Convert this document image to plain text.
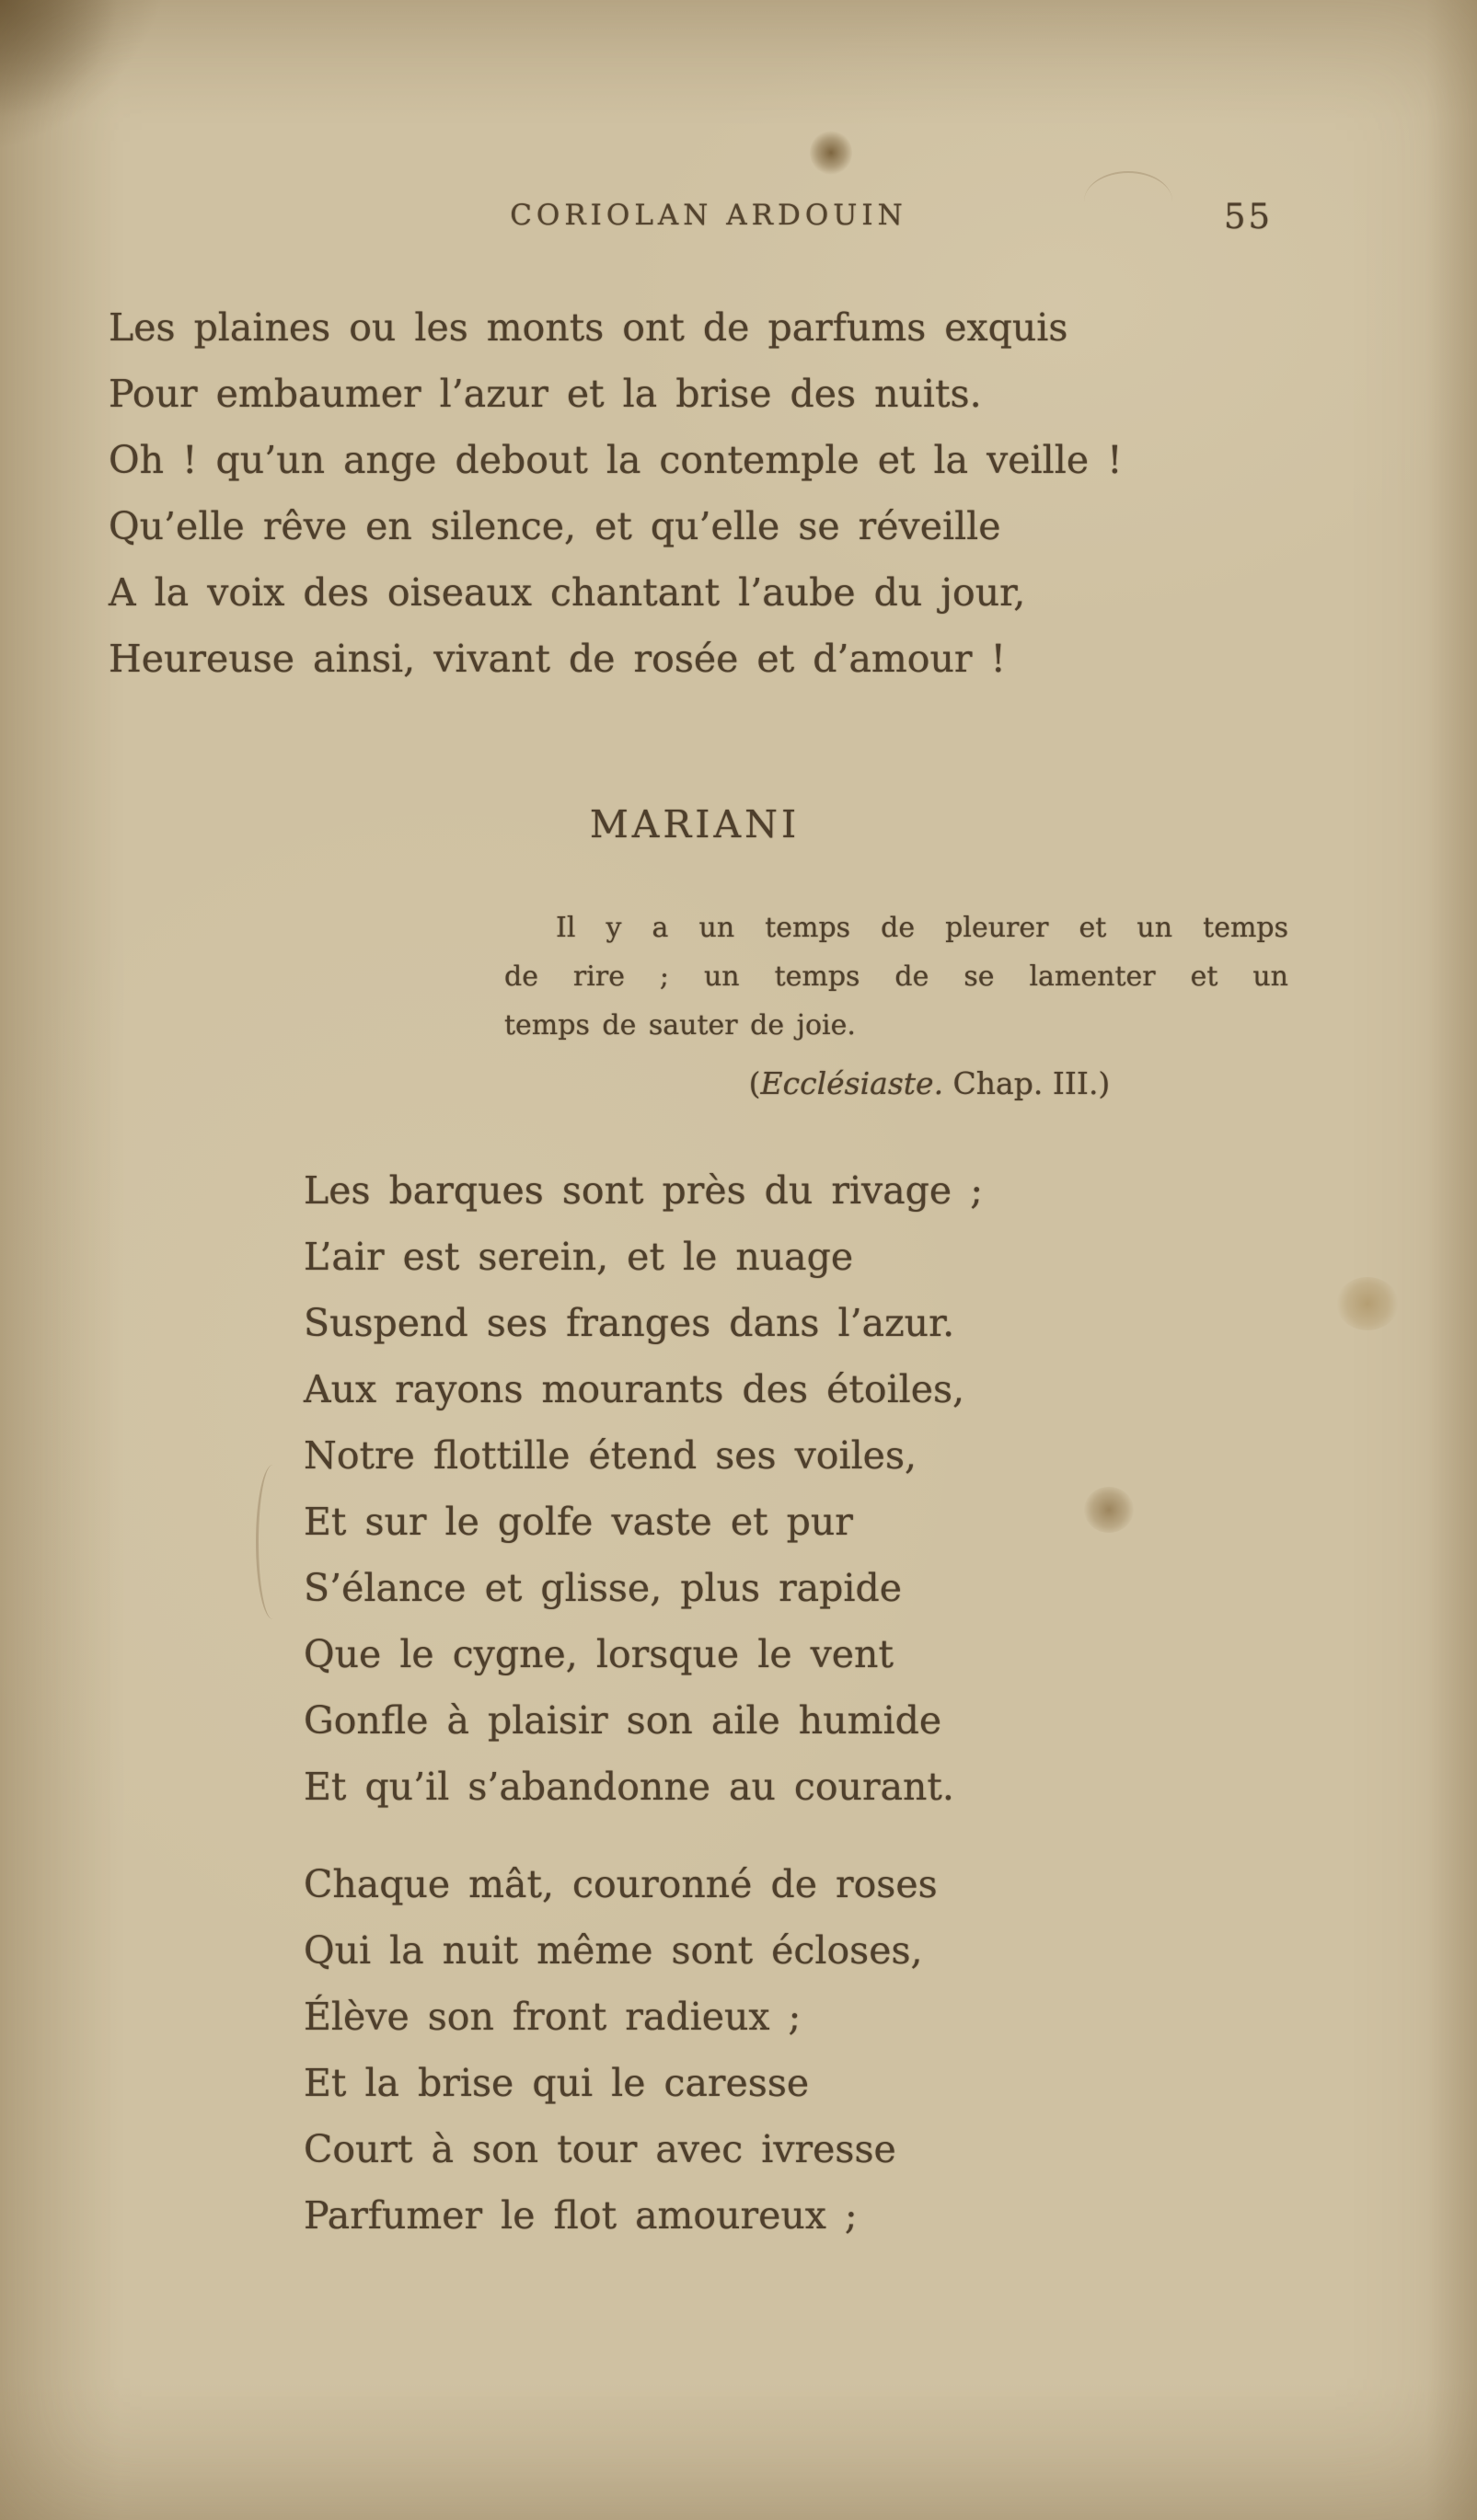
CORIOLAN ARDOUIN	55
Les plaines ou les monts ont de parfums exquis
Pour embaumer l’azur et la brise des nuits.
Oh ! qu’un ange debout la contemple et la veille !
Qu’elle rêve en silence, et qu’elle se réveille
A la voix des oiseaux chantant l’aube du jour,
Heureuse ainsi, vivant de rosée et d’amour !
MARIANI
Il y a un temps de pleurer et un temps
de rire ; un temps de se lamenter et un
temps de sauter de joie.
(Ecclésiaste. Chap. III.)
Les barques sont près du rivage ;
L’air est serein, et le nuage
Suspend ses franges dans l’azur.
Aux rayons mourants des étoiles,
Notre flottille étend ses voiles,
Et sur le golfe vaste et pur
S’élance et glisse, plus rapide
Que le cygne, lorsque le vent
Gonfle à plaisir son aile humide
Et qu’il s’abandonne au courant.
Chaque mât, couronné de roses
Qui la nuit même sont écloses,
Élève son front radieux ;
Et la brise qui le caresse
Court à son tour avec ivresse
Parfumer le flot amoureux ;
